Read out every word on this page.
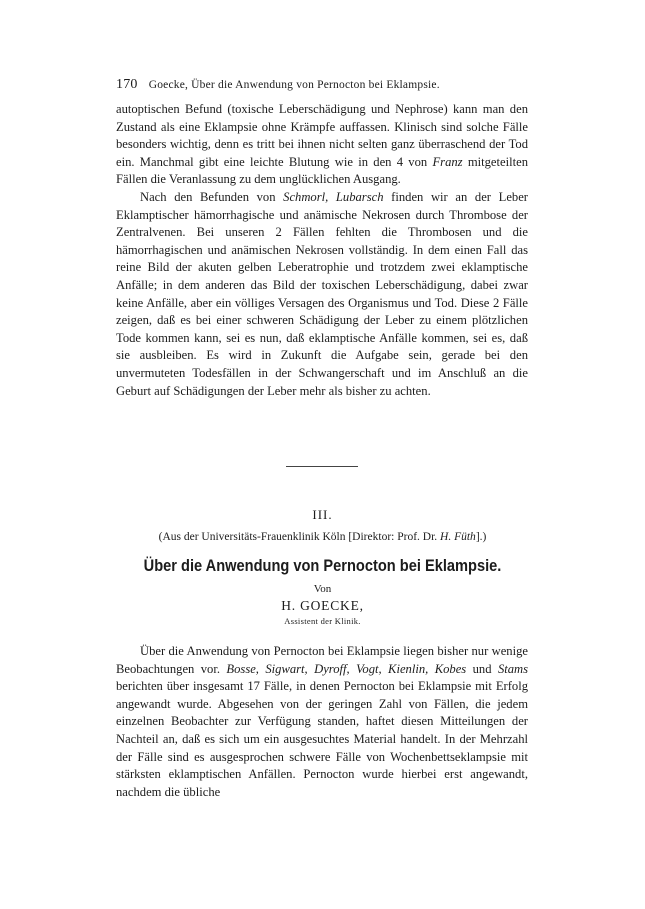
170 Goecke, Über die Anwendung von Pernocton bei Eklampsie.

autoptischen Befund (toxische Leberschädigung und Nephrose) kann man den Zustand als eine Eklampsie ohne Krämpfe auffassen. Klinisch sind solche Fälle besonders wichtig, denn es tritt bei ihnen nicht selten ganz überraschend der Tod ein. Manchmal gibt eine leichte Blutung wie in den 4 von Franz mitgeteilten Fällen die Veranlassung zu dem unglücklichen Ausgang.

Nach den Befunden von Schmorl, Lubarsch finden wir an der Leber Eklamptischer hämorrhagische und anämische Nekrosen durch Thrombose der Zentralvenen. Bei unseren 2 Fällen fehlten die Thrombosen und die hämorrhagischen und anämischen Nekrosen vollständig. In dem einen Fall das reine Bild der akuten gelben Leberatrophie und trotzdem zwei eklamptische Anfälle; in dem anderen das Bild der toxischen Leberschädigung, dabei zwar keine Anfälle, aber ein völliges Versagen des Organismus und Tod. Diese 2 Fälle zeigen, daß es bei einer schweren Schädigung der Leber zu einem plötzlichen Tode kommen kann, sei es nun, daß eklamptische Anfälle kommen, sei es, daß sie ausbleiben. Es wird in Zukunft die Aufgabe sein, gerade bei den unvermuteten Todesfällen in der Schwangerschaft und im Anschluß an die Geburt auf Schädigungen der Leber mehr als bisher zu achten.

III.
(Aus der Universitäts-Frauenklinik Köln [Direktor: Prof. Dr. H. Füth].)
Über die Anwendung von Pernocton bei Eklampsie.
Von
H. GOECKE,
Assistent der Klinik.

Über die Anwendung von Pernocton bei Eklampsie liegen bisher nur wenige Beobachtungen vor. Bosse, Sigwart, Dyroff, Vogt, Kienlin, Kobes und Stams berichten über insgesamt 17 Fälle, in denen Pernocton bei Eklampsie mit Erfolg angewandt wurde. Abgesehen von der geringen Zahl von Fällen, die jedem einzelnen Beobachter zur Verfügung standen, haftet diesen Mitteilungen der Nachteil an, daß es sich um ein ausgesuchtes Material handelt. In der Mehrzahl der Fälle sind es ausgesprochen schwere Fälle von Wochenbettseklampsie mit stärksten eklamptischen Anfällen. Pernocton wurde hierbei erst angewandt, nachdem die übliche
